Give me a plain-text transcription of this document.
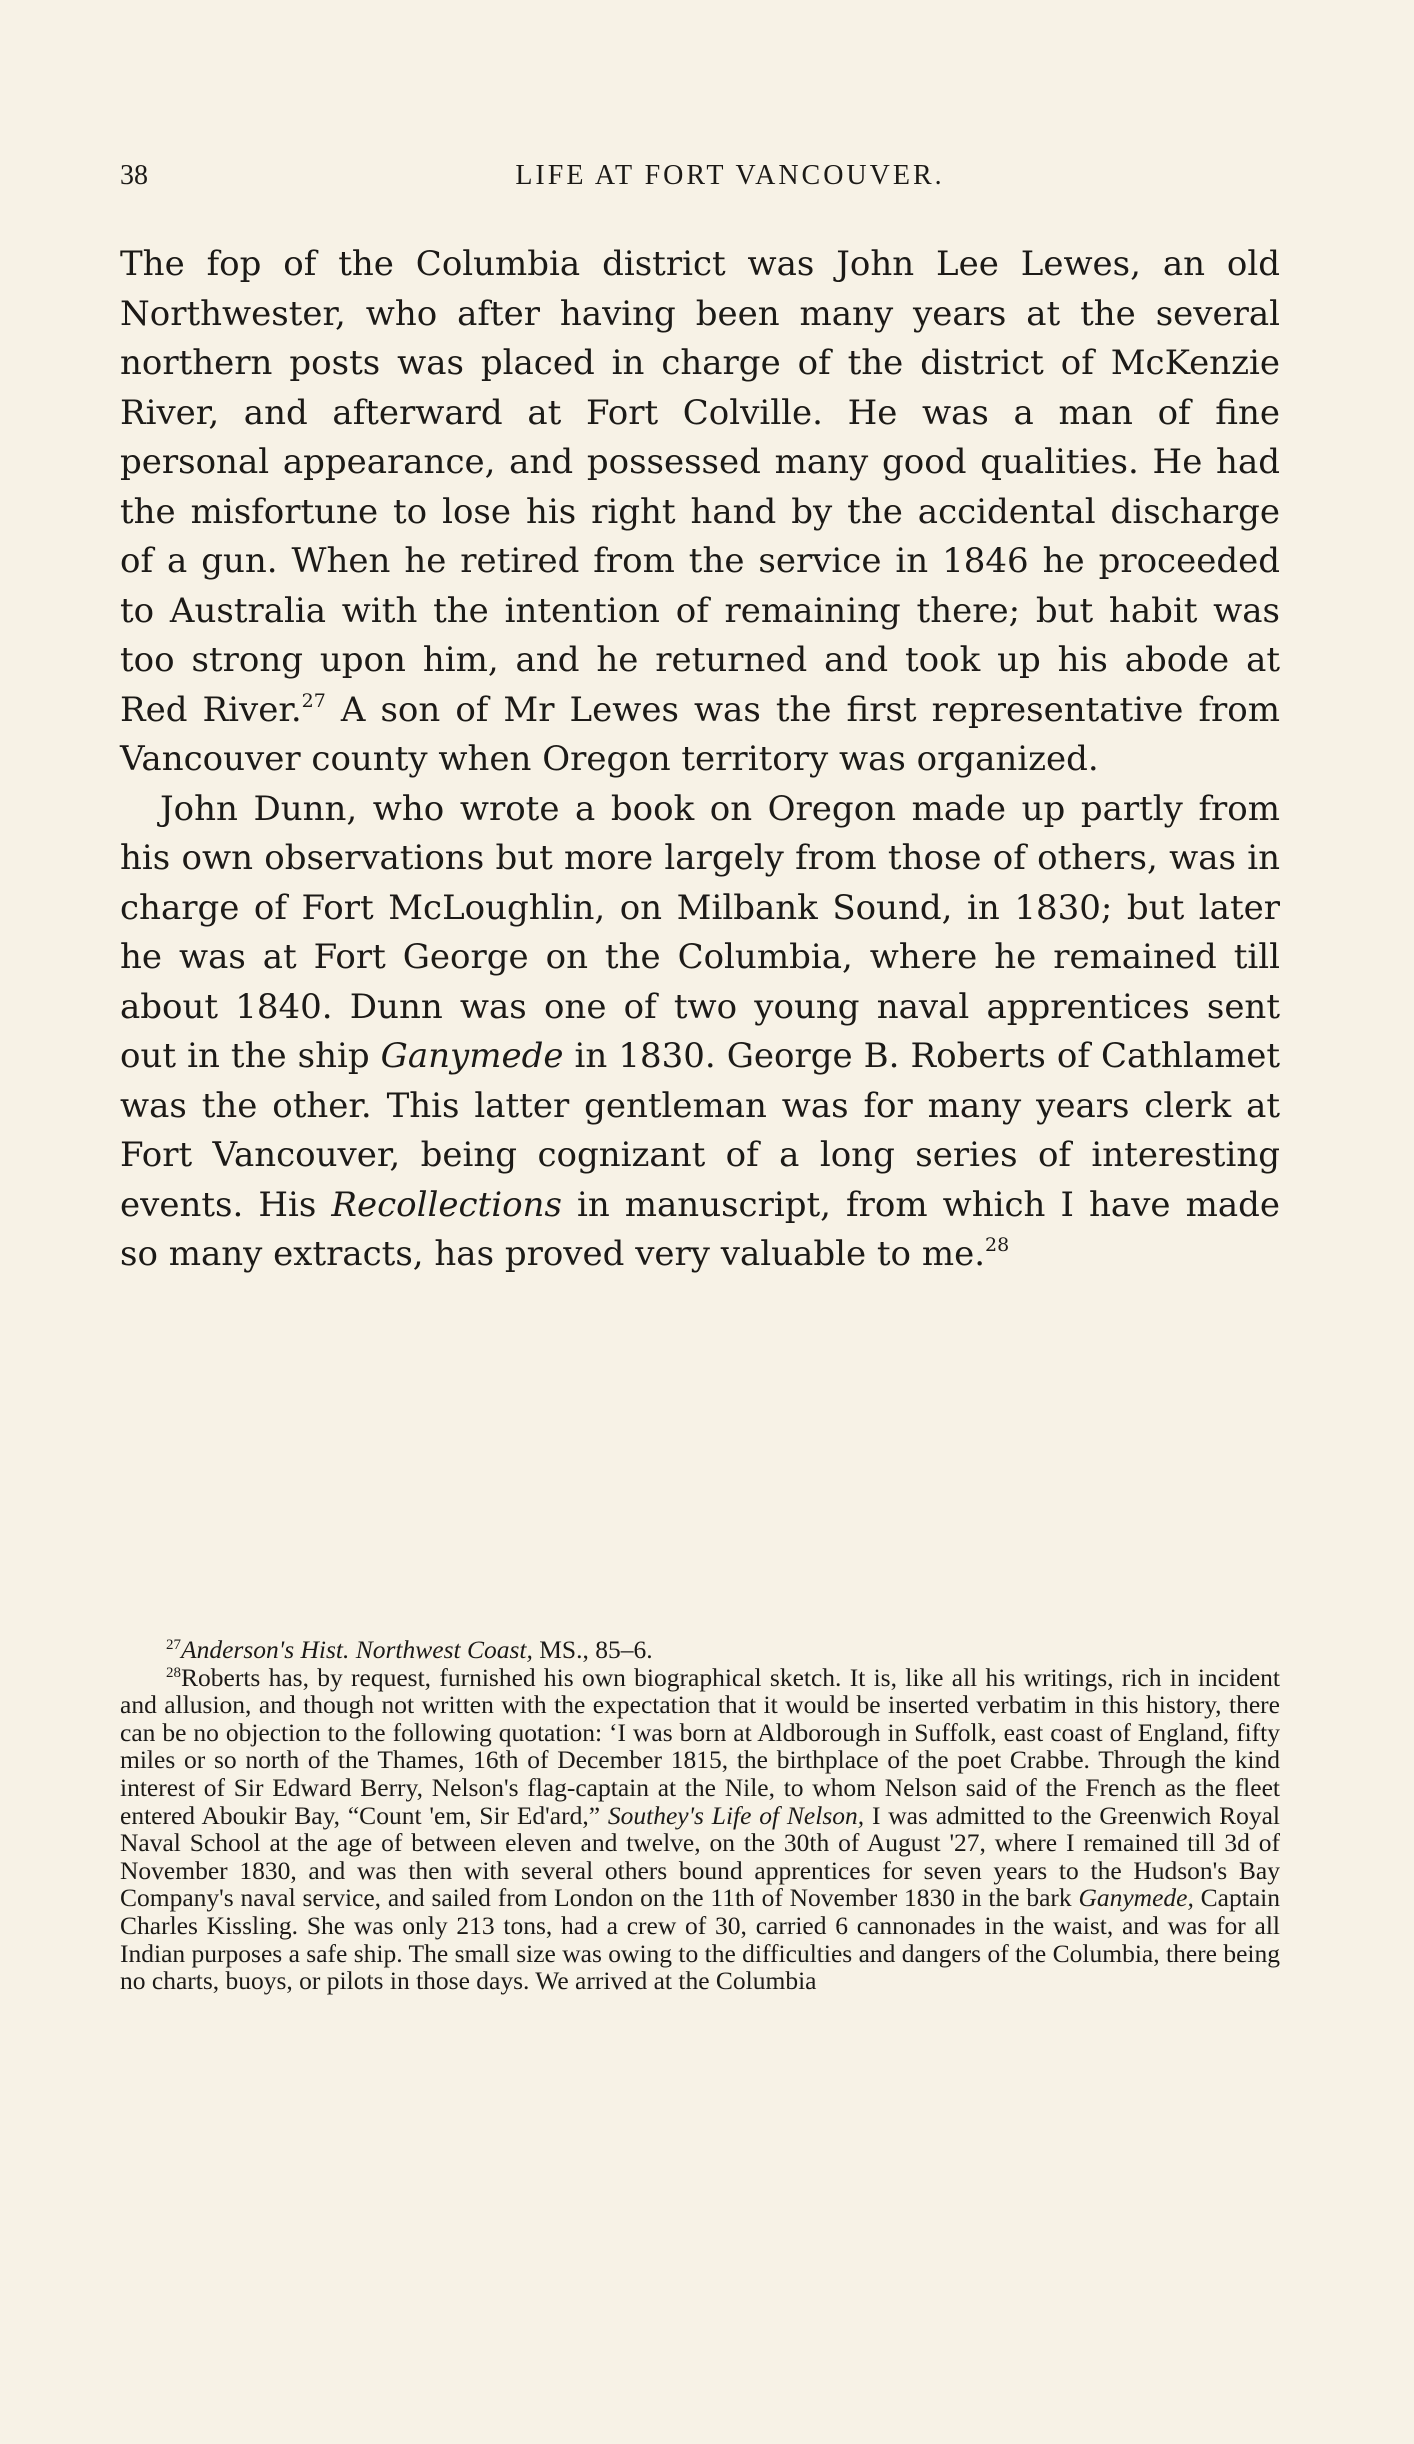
38	LIFE AT FORT VANCOUVER.

The fop of the Columbia district was John Lee Lewes, an old Northwester, who after having been many years at the several northern posts was placed in charge of the district of McKenzie River, and afterward at Fort Colville. He was a man of fine personal appearance, and possessed many good qualities. He had the misfortune to lose his right hand by the accidental discharge of a gun. When he retired from the service in 1846 he proceeded to Australia with the intention of remaining there; but habit was too strong upon him, and he returned and took up his abode at Red River.$^{27}$ A son of Mr Lewes was the first representative from Vancouver county when Oregon territory was organized.

John Dunn, who wrote a book on Oregon made up partly from his own observations but more largely from those of others, was in charge of Fort McLoughlin, on Milbank Sound, in 1830; but later he was at Fort George on the Columbia, where he remained till about 1840. Dunn was one of two young naval apprentices sent out in the ship Ganymede in 1830. George B. Roberts of Cathlamet was the other. This latter gentleman was for many years clerk at Fort Vancouver, being cognizant of a long series of interesting events. His Recollections in manuscript, from which I have made so many extracts, has proved very valuable to me.$^{28}$

$^{27}$Anderson's Hist. Northwest Coast, MS., 85–6.

$^{28}$Roberts has, by request, furnished his own biographical sketch. It is, like all his writings, rich in incident and allusion, and though not written with the expectation that it would be inserted verbatim in this history, there can be no objection to the following quotation: ‘I was born at Aldborough in Suffolk, east coast of England, fifty miles or so north of the Thames, 16th of December 1815, the birthplace of the poet Crabbe. Through the kind interest of Sir Edward Berry, Nelson's flag-captain at the Nile, to whom Nelson said of the French as the fleet entered Aboukir Bay, “Count 'em, Sir Ed'ard,” Southey's Life of Nelson, I was admitted to the Greenwich Royal Naval School at the age of between eleven and twelve, on the 30th of August '27, where I remained till 3d of November 1830, and was then with several others bound apprentices for seven years to the Hudson's Bay Company's naval service, and sailed from London on the 11th of November 1830 in the bark Ganymede, Captain Charles Kissling. She was only 213 tons, had a crew of 30, carried 6 cannonades in the waist, and was for all Indian purposes a safe ship. The small size was owing to the difficulties and dangers of the Columbia, there being no charts, buoys, or pilots in those days. We arrived at the Columbia
